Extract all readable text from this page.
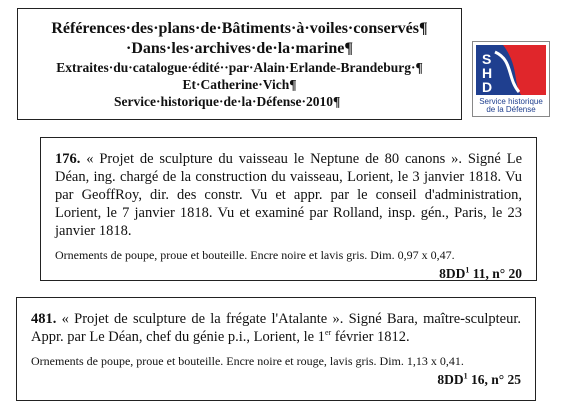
Références·des·plans·de·Bâtiments·à·voiles·conservés¶
·Dans·les·archives·de·la·marine¶
Extraites·du·catalogue·édité··par·Alain·Erlande-Brandeburg·¶
Et·Catherine·Vich¶
Service·historique·de·la·Défense·2010¶
S
H
D
Service historique
de la Défense
176. « Projet de sculpture du vaisseau le Neptune de 80 canons ». Signé Le Déan, ing. chargé de la construction du vaisseau, Lorient, le 3 janvier 1818. Vu par GeoffRoy, dir. des constr. Vu et appr. par le conseil d'administration, Lorient, le 7 janvier 1818. Vu et examiné par Rolland, insp. gén., Paris, le 23 janvier 1818.
Ornements de poupe, proue et bouteille. Encre noire et lavis gris. Dim. 0,97 x 0,47.
$8DD^1$ 11, n° 20
481. « Projet de sculpture de la frégate l'Atalante ». Signé Bara, maître-sculpteur. Appr. par Le Déan, chef du génie p.i., Lorient, le 1er février 1812.
Ornements de poupe, proue et bouteille. Encre noire et rouge, lavis gris. Dim. 1,13 x 0,41.
$8DD^1$ 16, n° 25
